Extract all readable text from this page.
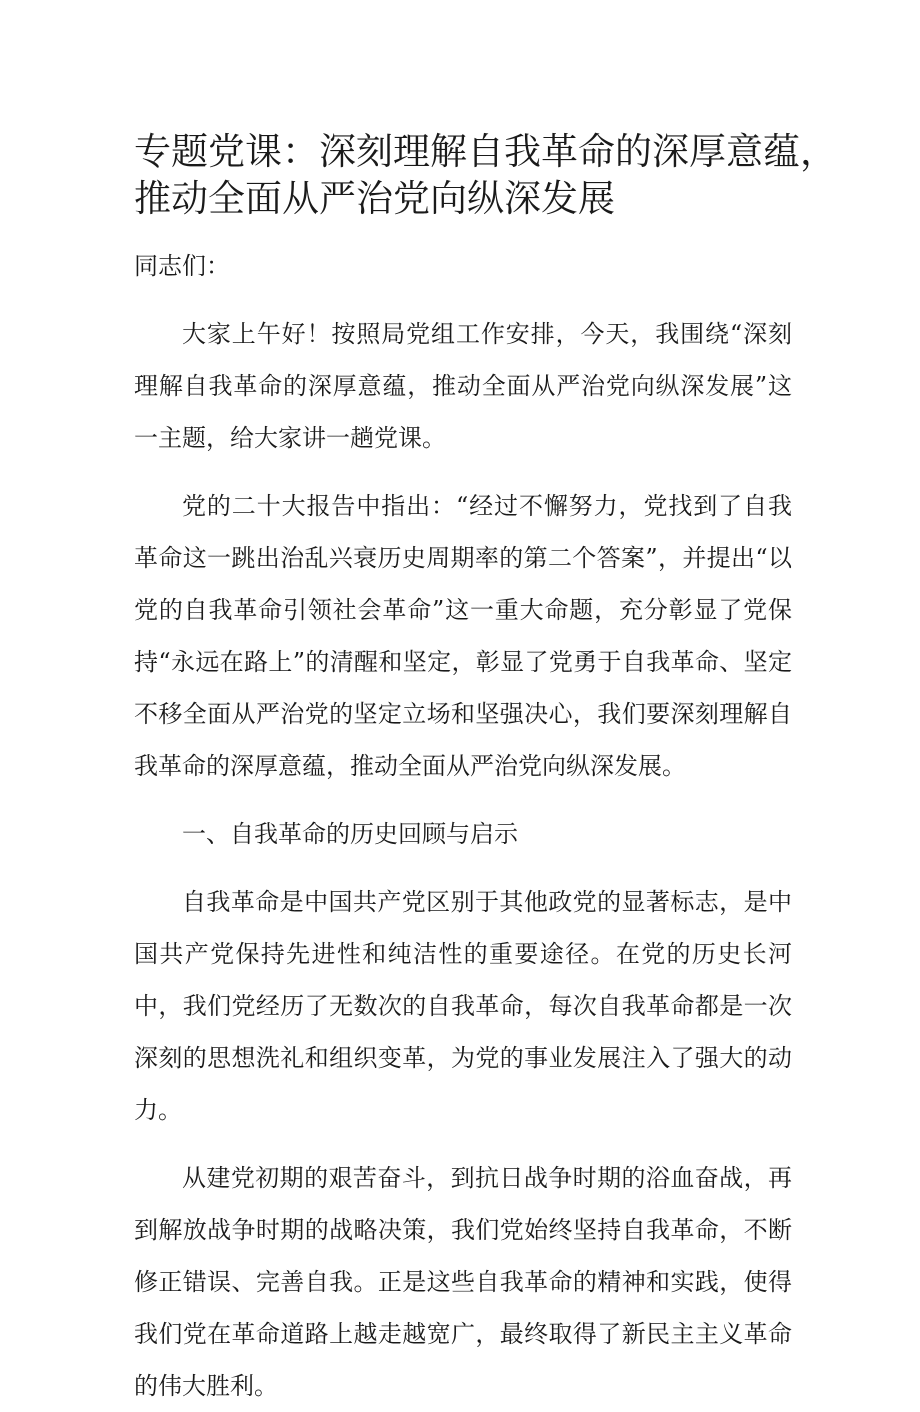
专题党课：深刻理解自我革命的深厚意蕴，
推动全面从严治党向纵深发展

同志们：

大家上午好！按照局党组工作安排，今天，我围绕“深刻理解自我革命的深厚意蕴，推动全面从严治党向纵深发展”这一主题，给大家讲一趟党课。

党的二十大报告中指出：“经过不懈努力，党找到了自我革命这一跳出治乱兴衰历史周期率的第二个答案”，并提出“以党的自我革命引领社会革命”这一重大命题，充分彰显了党保持“永远在路上”的清醒和坚定，彰显了党勇于自我革命、坚定不移全面从严治党的坚定立场和坚强决心，我们要深刻理解自我革命的深厚意蕴，推动全面从严治党向纵深发展。

一、自我革命的历史回顾与启示

自我革命是中国共产党区别于其他政党的显著标志，是中国共产党保持先进性和纯洁性的重要途径。在党的历史长河中，我们党经历了无数次的自我革命，每次自我革命都是一次深刻的思想洗礼和组织变革，为党的事业发展注入了强大的动力。

从建党初期的艰苦奋斗，到抗日战争时期的浴血奋战，再到解放战争时期的战略决策，我们党始终坚持自我革命，不断修正错误、完善自我。正是这些自我革命的精神和实践，使得我们党在革命道路上越走越宽广，最终取得了新民主主义革命的伟大胜利。
